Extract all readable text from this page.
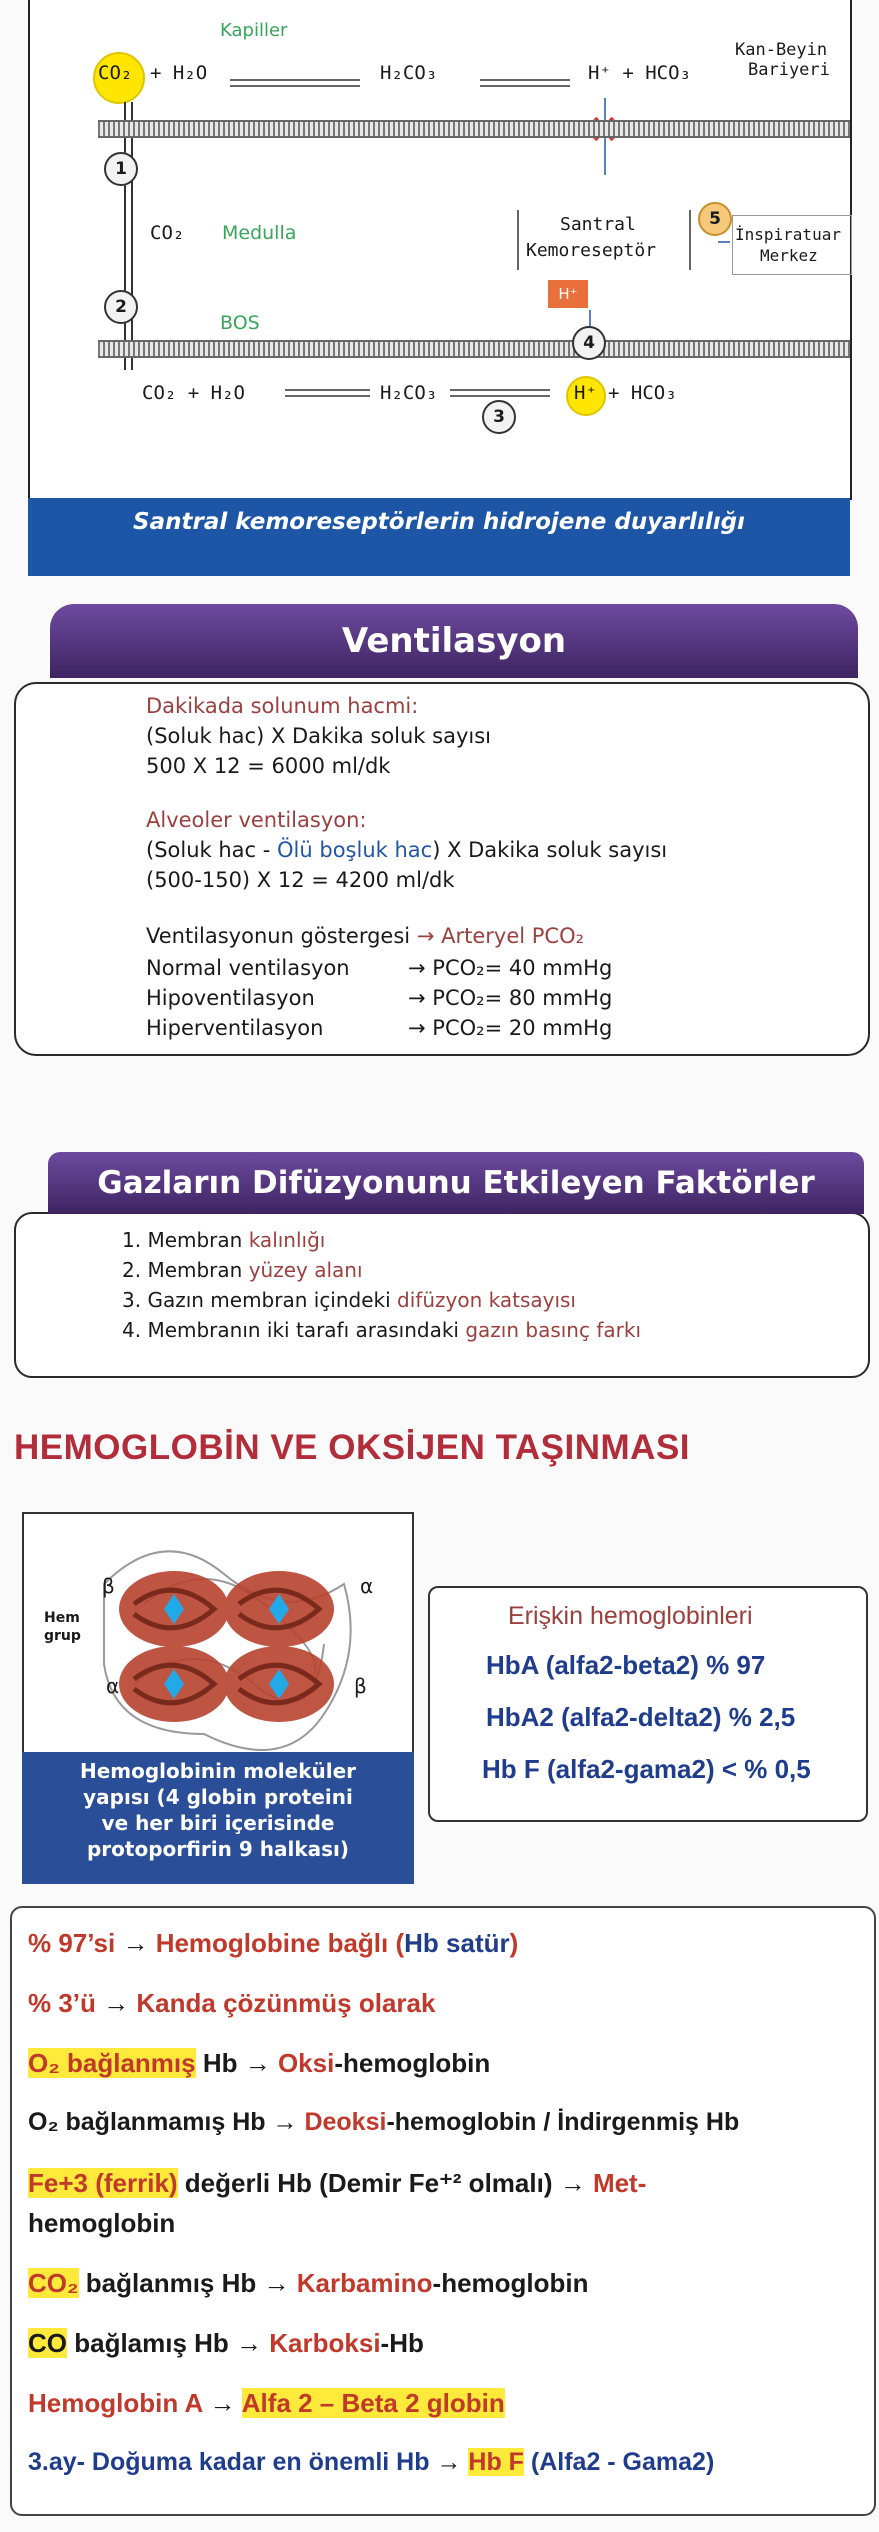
Kapiller
CO₂ + H₂O	H₂CO₃	H⁺ + HCO₃
Kan-Beyin
Bariyeri
1
CO₂ Medulla
2
BOS
Santral
Kemoreseptör
H⁺
5
İnspiratuar
Merkez
4
CO₂ + H₂O	H₂CO₃	H⁺ + HCO₃
3
Santral kemoreseptörlerin hidrojene duyarlılığı
Ventilasyon
Dakikada solunum hacmi:
(Soluk hac) X Dakika soluk sayısı
500 X 12 = 6000 ml/dk
Alveoler ventilasyon:
(Soluk hac - Ölü boşluk hac) X Dakika soluk sayısı
(500-150) X 12 = 4200 ml/dk
Ventilasyonun göstergesi → Arteryel PCO₂
Normal ventilasyon	→ PCO₂= 40 mmHg
Hipoventilasyon	→ PCO₂= 80 mmHg
Hiperventilasyon	→ PCO₂= 20 mmHg
Gazların Difüzyonunu Etkileyen Faktörler
1. Membran kalınlığı
2. Membran yüzey alanı
3. Gazın membran içindeki difüzyon katsayısı
4. Membranın iki tarafı arasındaki gazın basınç farkı
HEMOGLOBİN VE OKSİJEN TAŞINMASI
β	α
Hem
grup
α	β
Hemoglobinin moleküler
yapısı (4 globin proteini
ve her biri içerisinde
protoporfirin 9 halkası)
Erişkin hemoglobinleri
HbA (alfa2-beta2) % 97
HbA2 (alfa2-delta2) % 2,5
Hb F (alfa2-gama2) < % 0,5
% 97’si → Hemoglobine bağlı (Hb satür)
% 3’ü → Kanda çözünmüş olarak
O₂ bağlanmış Hb → Oksi-hemoglobin
O₂ bağlanmamış Hb → Deoksi-hemoglobin / İndirgenmiş Hb
Fe+3 (ferrik) değerli Hb (Demir Fe⁺² olmalı) → Met-
hemoglobin
CO₂ bağlanmış Hb → Karbamino-hemoglobin
CO bağlamış Hb → Karboksi-Hb
Hemoglobin A → Alfa 2 – Beta 2 globin
3.ay- Doğuma kadar en önemli Hb → Hb F (Alfa2 - Gama2)
